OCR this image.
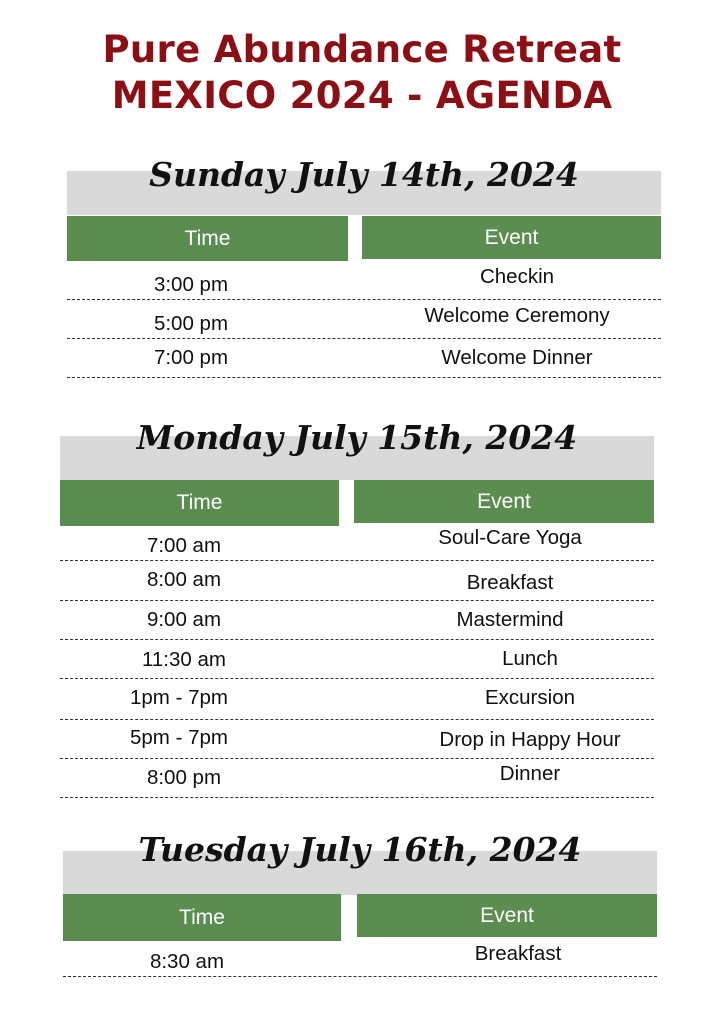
Pure Abundance Retreat
MEXICO 2024 - AGENDA
Sunday July 14th, 2024
Time	Event
3:00 pm	Checkin
5:00 pm	Welcome Ceremony
7:00 pm	Welcome Dinner
Monday July 15th, 2024
Time	Event
7:00 am	Soul-Care Yoga
8:00 am	Breakfast
9:00 am	Mastermind
11:30 am	Lunch
1pm - 7pm	Excursion
5pm - 7pm	Drop in Happy Hour
8:00 pm	Dinner
Tuesday July 16th, 2024
Time	Event
8:30 am	Breakfast
